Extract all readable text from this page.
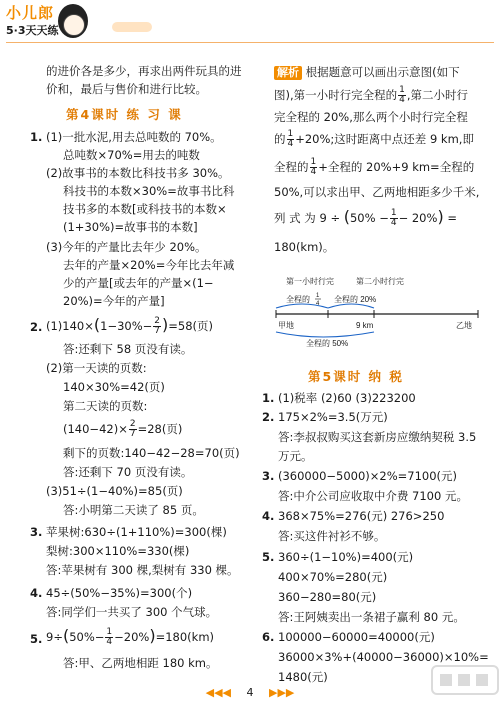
小儿郎
5·3天天练
的进价各是多少，再求出两件玩具的进
价和，最后与售价和进行比较。
第4课时 练 习 课
1. (1)一批水泥,用去总吨数的 70%。
总吨数×70%=用去的吨数
(2)故事书的本数比科技书多 30%。
科技书的本数×30%=故事书比科
技书多的本数[或科技书的本数×
(1+30%)=故事书的本数]
(3)今年的产量比去年少 20%。
去年的产量×20%=今年比去年减
少的产量[或去年的产量×(1−
20%)=今年的产量]
2. $(1)140\times(1-30\%- \frac{2}{7} )=58$(页)
答:还剩下 58 页没有读。
(2)第一天读的页数:
140×30%=42(页)
第二天读的页数:
$(140-42)\times \frac{2}{7} =28$(页)
剩下的页数:140−42−28=70(页)
答:还剩下 70 页没有读。
(3)51÷(1−40%)=85(页)
答:小明第二天读了 85 页。
3. 苹果树:630÷(1+110%)=300(棵)
梨树:300×110%=330(棵)
答:苹果树有 300 棵,梨树有 330 棵。
4. 45÷(50%−35%)=300(个)
答:同学们一共买了 300 个气球。
5. $9\div(50\%- \frac{1}{4} -20\%)=180(km)$
答:甲、乙两地相距 180 km。
解析 根据题意可以画出示意图(如下
图),第一小时行完全程的 $\frac{1}{4}$ ,第二小时行
完全程的 20%,那么两个小时行完全程
的 $\frac{1}{4} +20\%$;这时距离中点还差 9 km,即
全程的 $\frac{1}{4}$ +全程的 20%+9 km=全程的
50%,可以求出甲、乙两地相距多少千米,
列 式 为 $9 \div (50\% - \frac{1}{4} - 20\%)$ =
180(km)。
第一小时行完	第二小时行完
全程的 1
4 全程的 20%
甲地	乙地
9 km
全程的 50%
第5课时 纳 税
1. (1)税率 (2)60 (3)223200
2. 175×2%=3.5(万元)
答:李叔叔购买这套新房应缴纳契税 3.5
万元。
3. (360000−5000)×2%=7100(元)
答:中介公司应收取中介费 7100 元。
4. 368×75%=276(元) 276>250
答:买这件衬衫不够。
5. 360÷(1−10%)=400(元)
400×70%=280(元)
360−280=80(元)
答:王阿姨卖出一条裙子赢利 80 元。
6. 100000−60000=40000(元)
36000×3%+(40000−36000)×10%=
1480(元)
◀◀◀ 4 ▶▶▶
